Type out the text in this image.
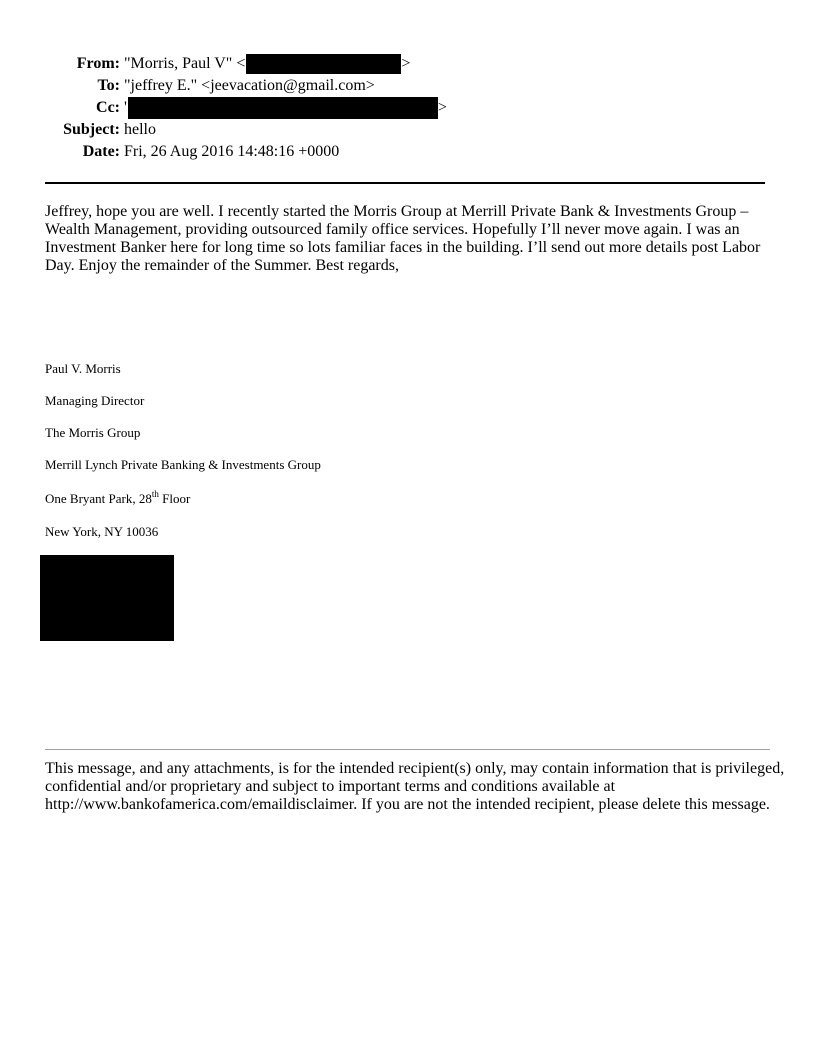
From: "Morris, Paul V" <	>
To: "jeffrey E." <jeevacation@gmail.com>
Cc: '	>
Subject: hello
Date: Fri, 26 Aug 2016 14:48:16 +0000
Jeffrey, hope you are well. I recently started the Morris Group at Merrill Private Bank & Investments Group – Wealth Management, providing outsourced family office services. Hopefully I’ll never move again. I was an Investment Banker here for long time so lots familiar faces in the building. I’ll send out more details post Labor Day. Enjoy the remainder of the Summer. Best regards,
Paul V. Morris
Managing Director
The Morris Group
Merrill Lynch Private Banking & Investments Group
One Bryant Park, 28th Floor
New York, NY 10036
This message, and any attachments, is for the intended recipient(s) only, may contain information that is privileged, confidential and/or proprietary and subject to important terms and conditions available at http://www.bankofamerica.com/emaildisclaimer. If you are not the intended recipient, please delete this message.
